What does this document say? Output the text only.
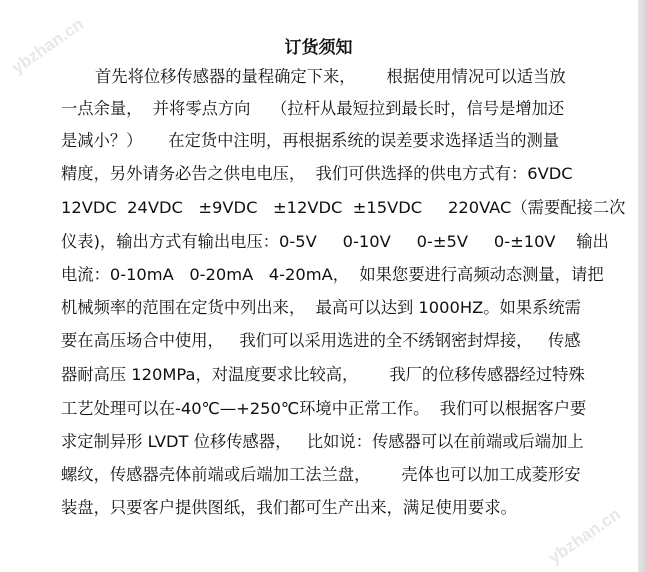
订货须知
首先将位移传感器的量程确定下来，      根据使用情况可以适当放
一点余量，  并将零点方向    （拉杆从最短拉到最长时，信号是增加还
是减小？）     在定货中注明，再根据系统的误差要求选择适当的测量
精度，另外请务必告之供电电压，  我们可供选择的供电方式有：6VDC
12VDC  24VDC   ±9VDC   ±12VDC  ±15VDC     220VAC（需要配接二次
仪表)，输出方式有输出电压：0-5V     0-10V     0-±5V     0-±10V    输出
电流：0-10mA   0-20mA   4-20mA，  如果您要进行高频动态测量，请把
机械频率的范围在定货中列出来，  最高可以达到 1000HZ。如果系统需
要在高压场合中使用，   我们可以采用选进的全不绣钢密封焊接，   传感
器耐高压 120MPa，对温度要求比较高，      我厂的位移传感器经过特殊
工艺处理可以在-40℃—+250℃环境中正常工作。  我们可以根据客户要
求定制异形 LVDT 位移传感器，   比如说：传感器可以在前端或后端加上
螺纹，传感器壳体前端或后端加工法兰盘，      壳体也可以加工成菱形安
装盘，只要客户提供图纸，我们都可生产出来，满足使用要求。
ybzhan.cn
ybzhan.cn
